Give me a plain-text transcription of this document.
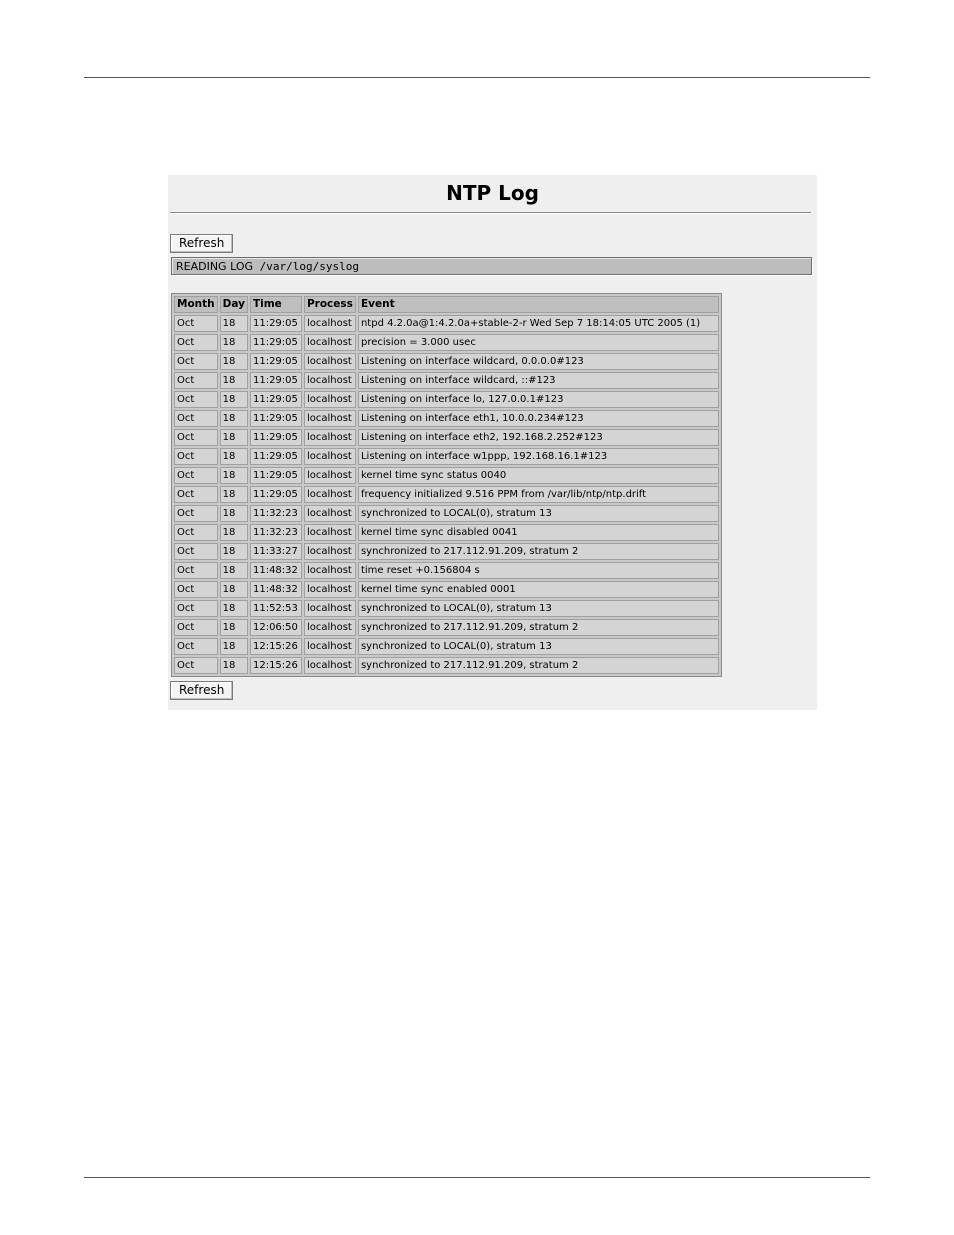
NTP Log
Refresh
READING LOG /var/log/syslog
Month	Day	Time	Process	Event
Oct	18	11:29:05	localhost	ntpd 4.2.0a@1:4.2.0a+stable-2-r Wed Sep 7 18:14:05 UTC 2005 (1)
Oct	18	11:29:05	localhost	precision = 3.000 usec
Oct	18	11:29:05	localhost	Listening on interface wildcard, 0.0.0.0#123
Oct	18	11:29:05	localhost	Listening on interface wildcard, ::#123
Oct	18	11:29:05	localhost	Listening on interface lo, 127.0.0.1#123
Oct	18	11:29:05	localhost	Listening on interface eth1, 10.0.0.234#123
Oct	18	11:29:05	localhost	Listening on interface eth2, 192.168.2.252#123
Oct	18	11:29:05	localhost	Listening on interface w1ppp, 192.168.16.1#123
Oct	18	11:29:05	localhost	kernel time sync status 0040
Oct	18	11:29:05	localhost	frequency initialized 9.516 PPM from /var/lib/ntp/ntp.drift
Oct	18	11:32:23	localhost	synchronized to LOCAL(0), stratum 13
Oct	18	11:32:23	localhost	kernel time sync disabled 0041
Oct	18	11:33:27	localhost	synchronized to 217.112.91.209, stratum 2
Oct	18	11:48:32	localhost	time reset +0.156804 s
Oct	18	11:48:32	localhost	kernel time sync enabled 0001
Oct	18	11:52:53	localhost	synchronized to LOCAL(0), stratum 13
Oct	18	12:06:50	localhost	synchronized to 217.112.91.209, stratum 2
Oct	18	12:15:26	localhost	synchronized to LOCAL(0), stratum 13
Oct	18	12:15:26	localhost	synchronized to 217.112.91.209, stratum 2
Refresh
